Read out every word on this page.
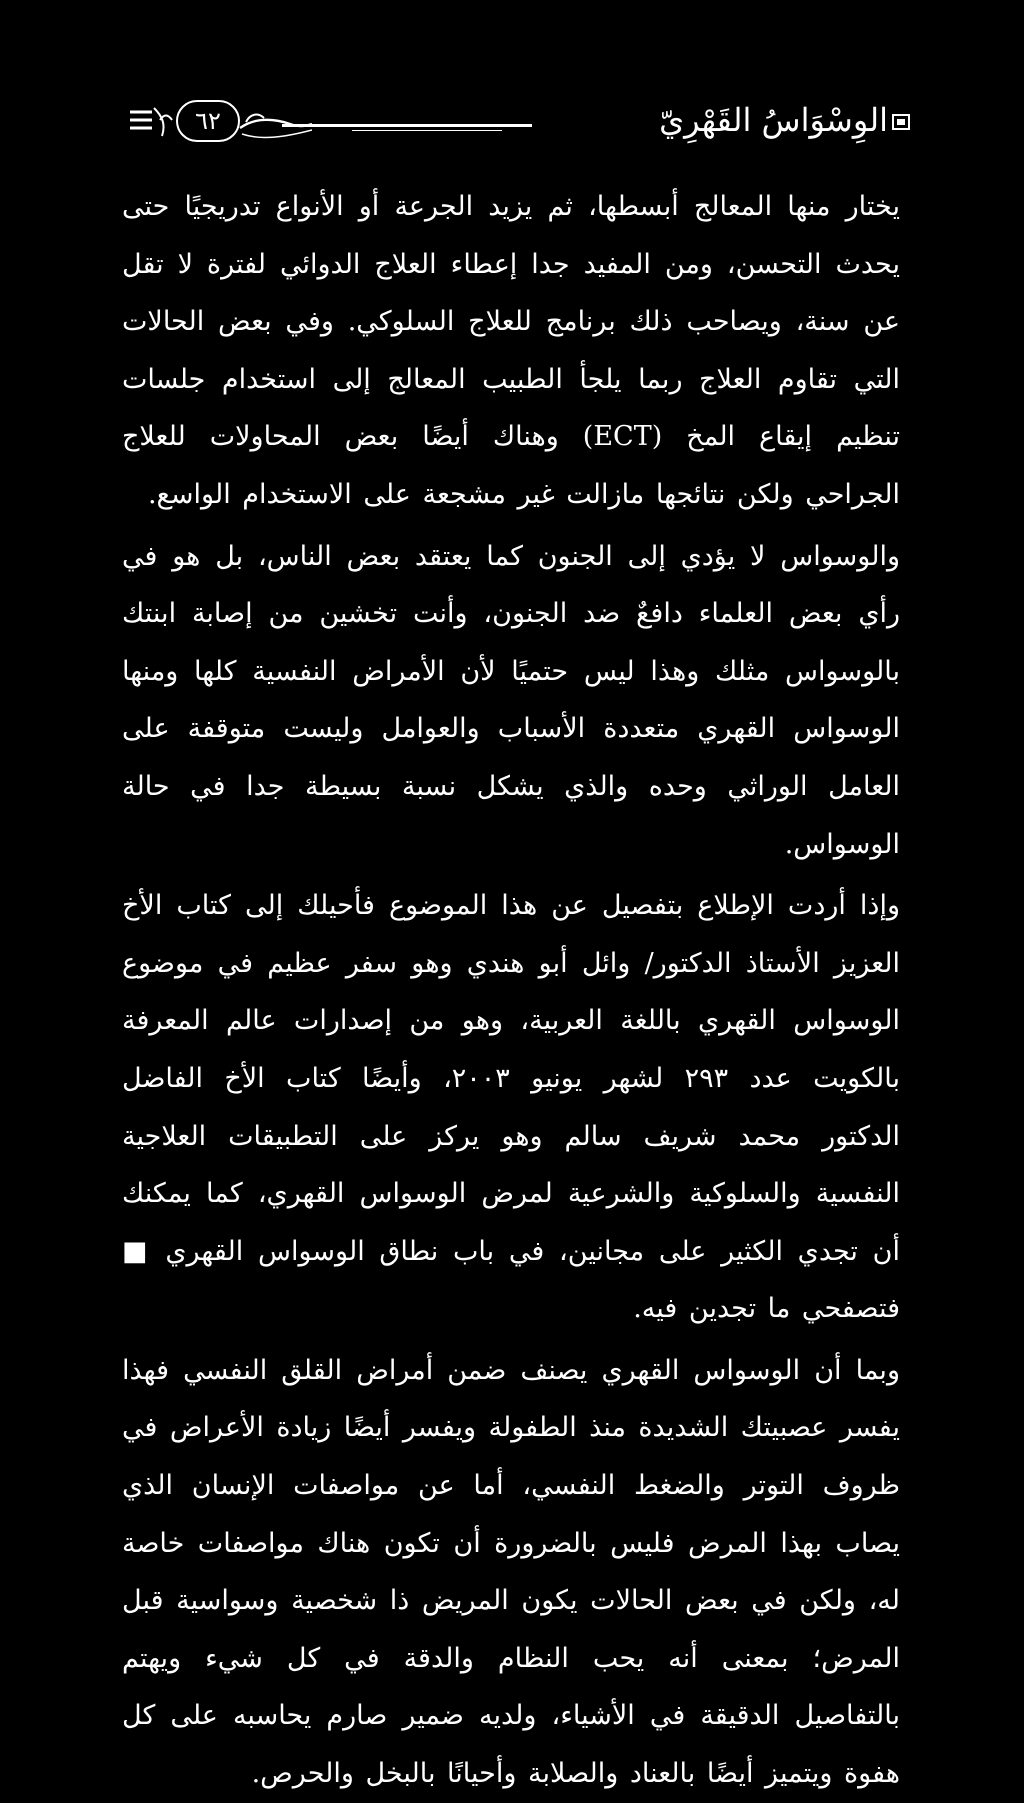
الوِسْوَاسُ القَهْرِيّ
٦٢

يختار منها المعالج أبسطها، ثم يزيد الجرعة أو الأنواع تدريجيًا حتى يحدث التحسن، ومن المفيد جدا إعطاء العلاج الدوائي لفترة لا تقل عن سنة، ويصاحب ذلك برنامج للعلاج السلوكي. وفي بعض الحالات التي تقاوم العلاج ربما يلجأ الطبيب المعالج إلى استخدام جلسات تنظيم إيقاع المخ (ECT) وهناك أيضًا بعض المحاولات للعلاج الجراحي ولكن نتائجها مازالت غير مشجعة على الاستخدام الواسع.

والوسواس لا يؤدي إلى الجنون كما يعتقد بعض الناس، بل هو في رأي بعض العلماء دافعٌ ضد الجنون، وأنت تخشين من إصابة ابنتك بالوسواس مثلك وهذا ليس حتميًا لأن الأمراض النفسية كلها ومنها الوسواس القهري متعددة الأسباب والعوامل وليست متوقفة على العامل الوراثي وحده والذي يشكل نسبة بسيطة جدا في حالة الوسواس.

وإذا أردت الإطلاع بتفصيل عن هذا الموضوع فأحيلك إلى كتاب الأخ العزيز الأستاذ الدكتور/ وائل أبو هندي وهو سفر عظيم في موضوع الوسواس القهري باللغة العربية، وهو من إصدارات عالم المعرفة بالكويت عدد ٢٩٣ لشهر يونيو ٢٠٠٣، وأيضًا كتاب الأخ الفاضل الدكتور محمد شريف سالم وهو يركز على التطبيقات العلاجية النفسية والسلوكية والشرعية لمرض الوسواس القهري، كما يمكنك أن تجدي الكثير على مجانين، في باب نطاق الوسواس القهري ■ فتصفحي ما تجدين فيه.

وبما أن الوسواس القهري يصنف ضمن أمراض القلق النفسي فهذا يفسر عصبيتك الشديدة منذ الطفولة ويفسر أيضًا زيادة الأعراض في ظروف التوتر والضغط النفسي، أما عن مواصفات الإنسان الذي يصاب بهذا المرض فليس بالضرورة أن تكون هناك مواصفات خاصة له، ولكن في بعض الحالات يكون المريض ذا شخصية وسواسية قبل المرض؛ بمعنى أنه يحب النظام والدقة في كل شيء ويهتم بالتفاصيل الدقيقة في الأشياء، ولديه ضمير صارم يحاسبه على كل هفوة ويتميز أيضًا بالعناد والصلابة وأحيانًا بالبخل والحرص.
